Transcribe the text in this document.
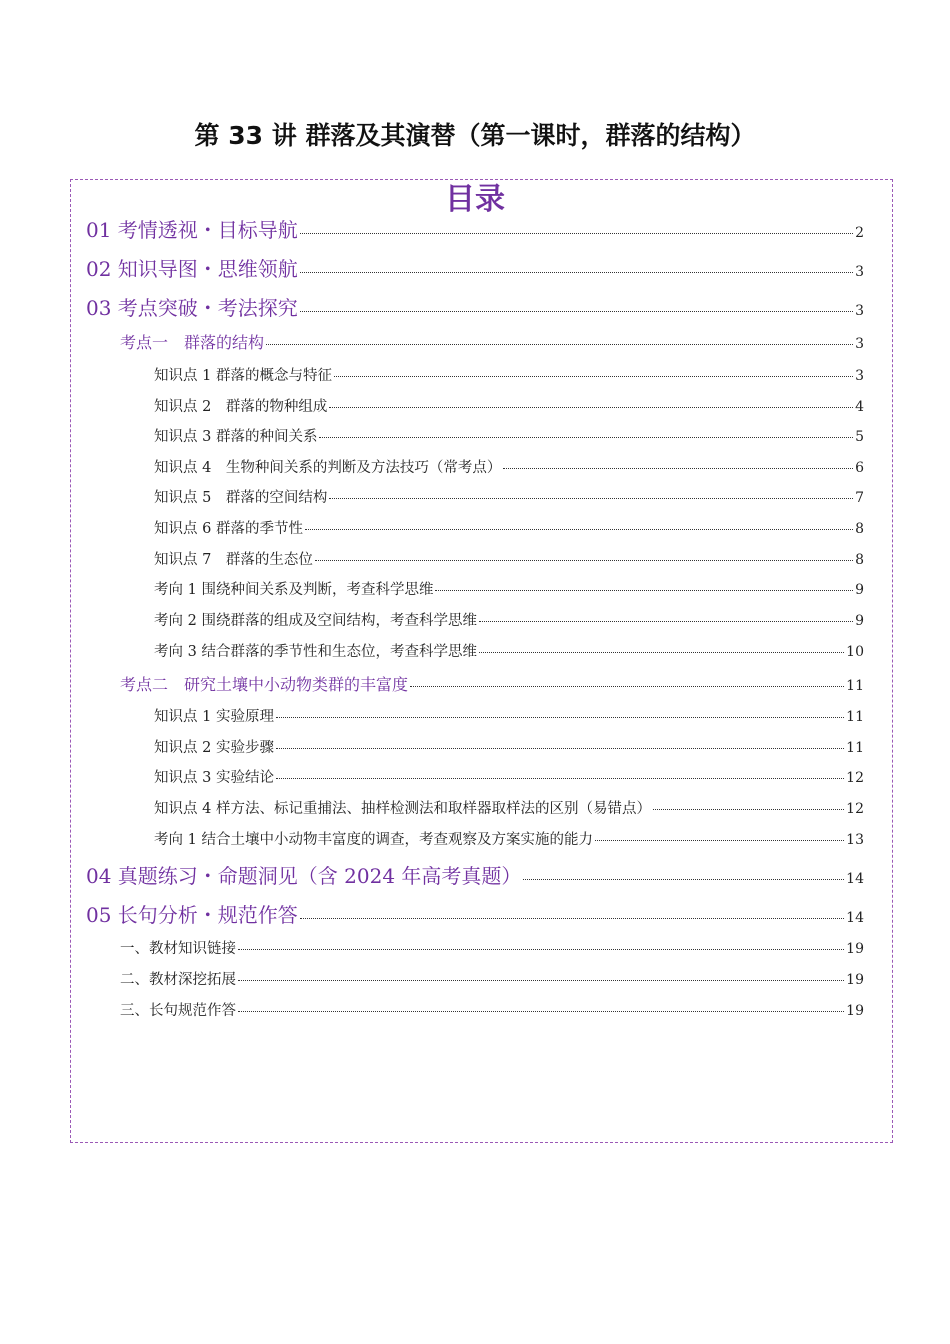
第 33 讲 群落及其演替（第一课时，群落的结构）
目录
01 考情透视・目标导航	2
02 知识导图・思维领航	3
03 考点突破・考法探究	3
考点一　群落的结构	3
知识点 1 群落的概念与特征	3
知识点 2　群落的物种组成	4
知识点 3 群落的种间关系	5
知识点 4　生物种间关系的判断及方法技巧（常考点）	6
知识点 5　群落的空间结构	7
知识点 6 群落的季节性	8
知识点 7　群落的生态位	8
考向 1 围绕种间关系及判断，考查科学思维	9
考向 2 围绕群落的组成及空间结构，考查科学思维	9
考向 3 结合群落的季节性和生态位，考查科学思维	10
考点二　研究土壤中小动物类群的丰富度	11
知识点 1 实验原理	11
知识点 2 实验步骤	11
知识点 3 实验结论	12
知识点 4 样方法、标记重捕法、抽样检测法和取样器取样法的区别（易错点）	12
考向 1 结合土壤中小动物丰富度的调查，考查观察及方案实施的能力	13
04 真题练习・命题洞见（含 2024 年高考真题）	14
05 长句分析・规范作答	14
一、教材知识链接	19
二、教材深挖拓展	19
三、长句规范作答	19
